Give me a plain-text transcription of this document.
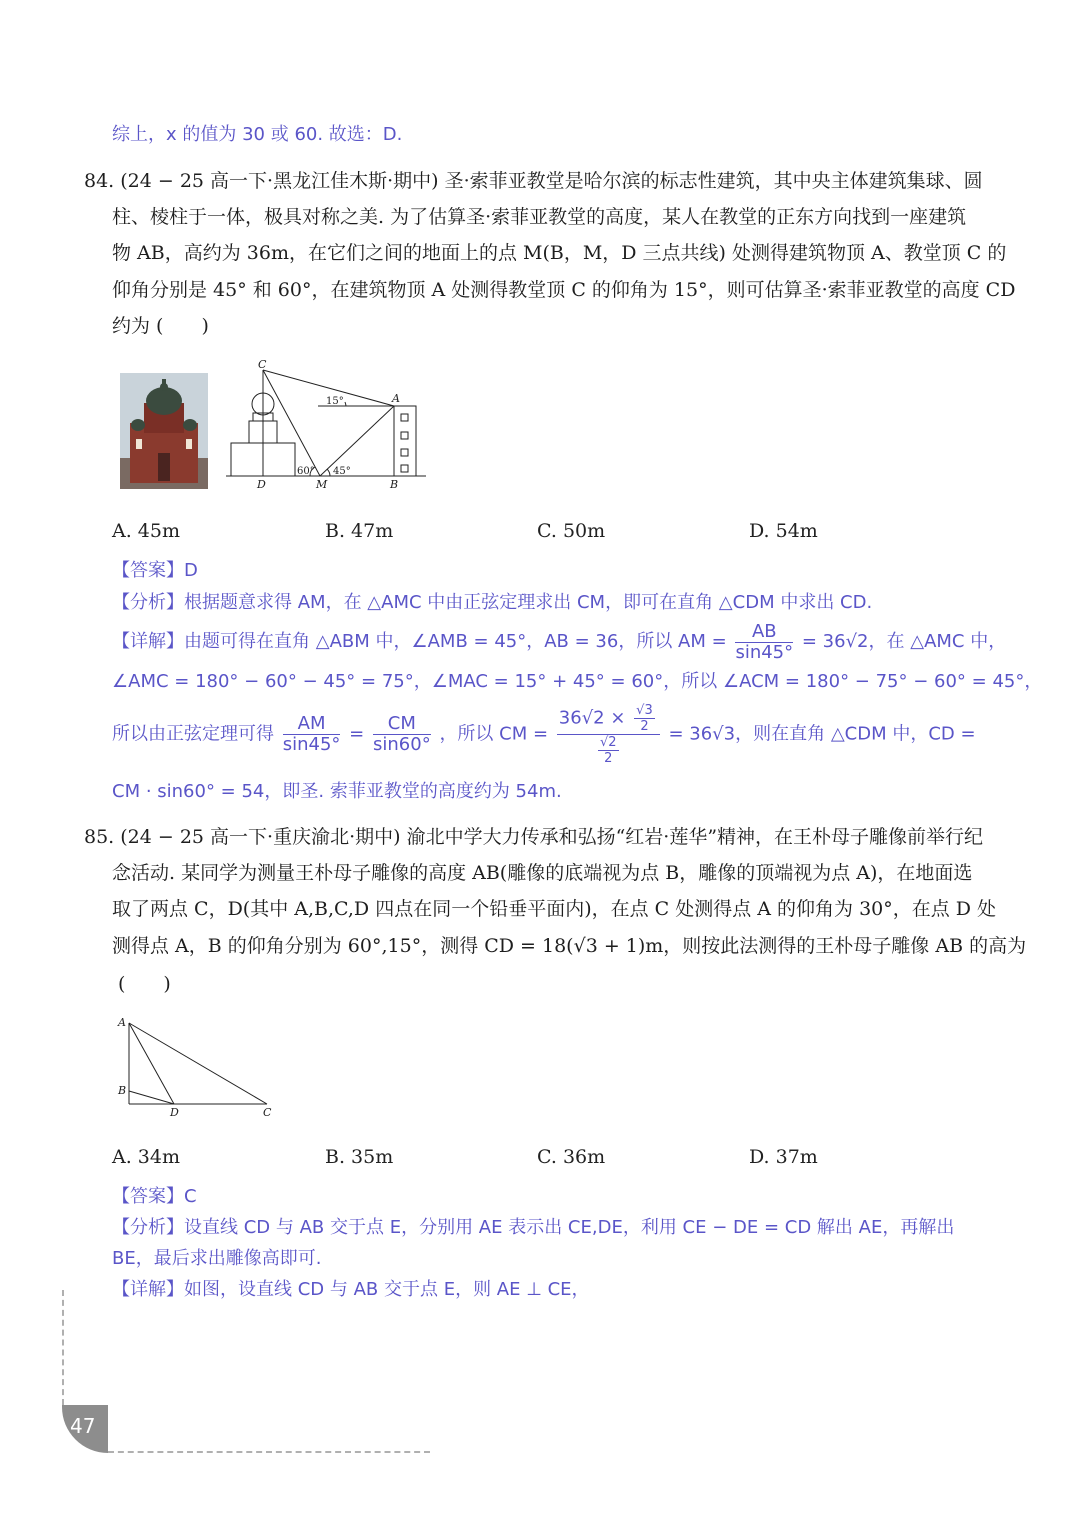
综上，x 的值为 30 或 60. 故选：D.
84. (24 − 25 高一下·黑龙江佳木斯·期中) 圣·索菲亚教堂是哈尔滨的标志性建筑，其中央主体建筑集球、圆
柱、棱柱于一体，极具对称之美. 为了估算圣·索菲亚教堂的高度，某人在教堂的正东方向找到一座建筑
物 AB，高约为 36m，在它们之间的地面上的点 M(B，M，D 三点共线) 处测得建筑物顶 A、教堂顶 C 的
仰角分别是 45° 和 60°，在建筑物顶 A 处测得教堂顶 C 的仰角为 15°，则可估算圣·索菲亚教堂的高度 CD
约为 (　　)
C
A
D	M	B
15°
60° 45°
A. 45m	B. 47m	C. 50m	D. 54m
【答案】D
【分析】根据题意求得 AM，在 △AMC 中由正弦定理求出 CM，即可在直角 △CDM 中求出 CD.
【详解】由题可得在直角 △ABM 中，∠AMB = 45°，AB = 36，所以 AM = $\frac{AB}{\sin 45^\circ} = 36√2$，在 △AMC 中，
∠AMC = 180° − 60° − 45° = 75°，∠MAC = 15° + 45° = 60°，所以 ∠ACM = 180° − 75° − 60° = 45°，
所以由正弦定理可得 $\frac{AM}{\sin 45^\circ} = \frac{CM}{\sin 60^\circ}$ ，所以 CM = $\frac{36√2 \times \frac{√3}{2}}{\frac{√2}{2}} = 36√3$，则在直角 △CDM 中，CD =
CM · sin60° = 54，即圣. 索菲亚教堂的高度约为 54m.
85. (24 − 25 高一下·重庆渝北·期中) 渝北中学大力传承和弘扬“红岩·莲华”精神，在王朴母子雕像前举行纪
念活动. 某同学为测量王朴母子雕像的高度 AB(雕像的底端视为点 B，雕像的顶端视为点 A)，在地面选
取了两点 C，D(其中 A,B,C,D 四点在同一个铅垂平面内)，在点 C 处测得点 A 的仰角为 30°，在点 D 处
测得点 A，B 的仰角分别为 60°,15°，测得 CD = 18(√3 + 1)m，则按此法测得的王朴母子雕像 AB 的高为
(　　)
A
B
D	C
A. 34m	B. 35m	C. 36m	D. 37m
【答案】C
【分析】设直线 CD 与 AB 交于点 E，分别用 AE 表示出 CE,DE，利用 CE − DE = CD 解出 AE，再解出
BE，最后求出雕像高即可.
【详解】如图，设直线 CD 与 AB 交于点 E，则 AE ⊥ CE，
47
